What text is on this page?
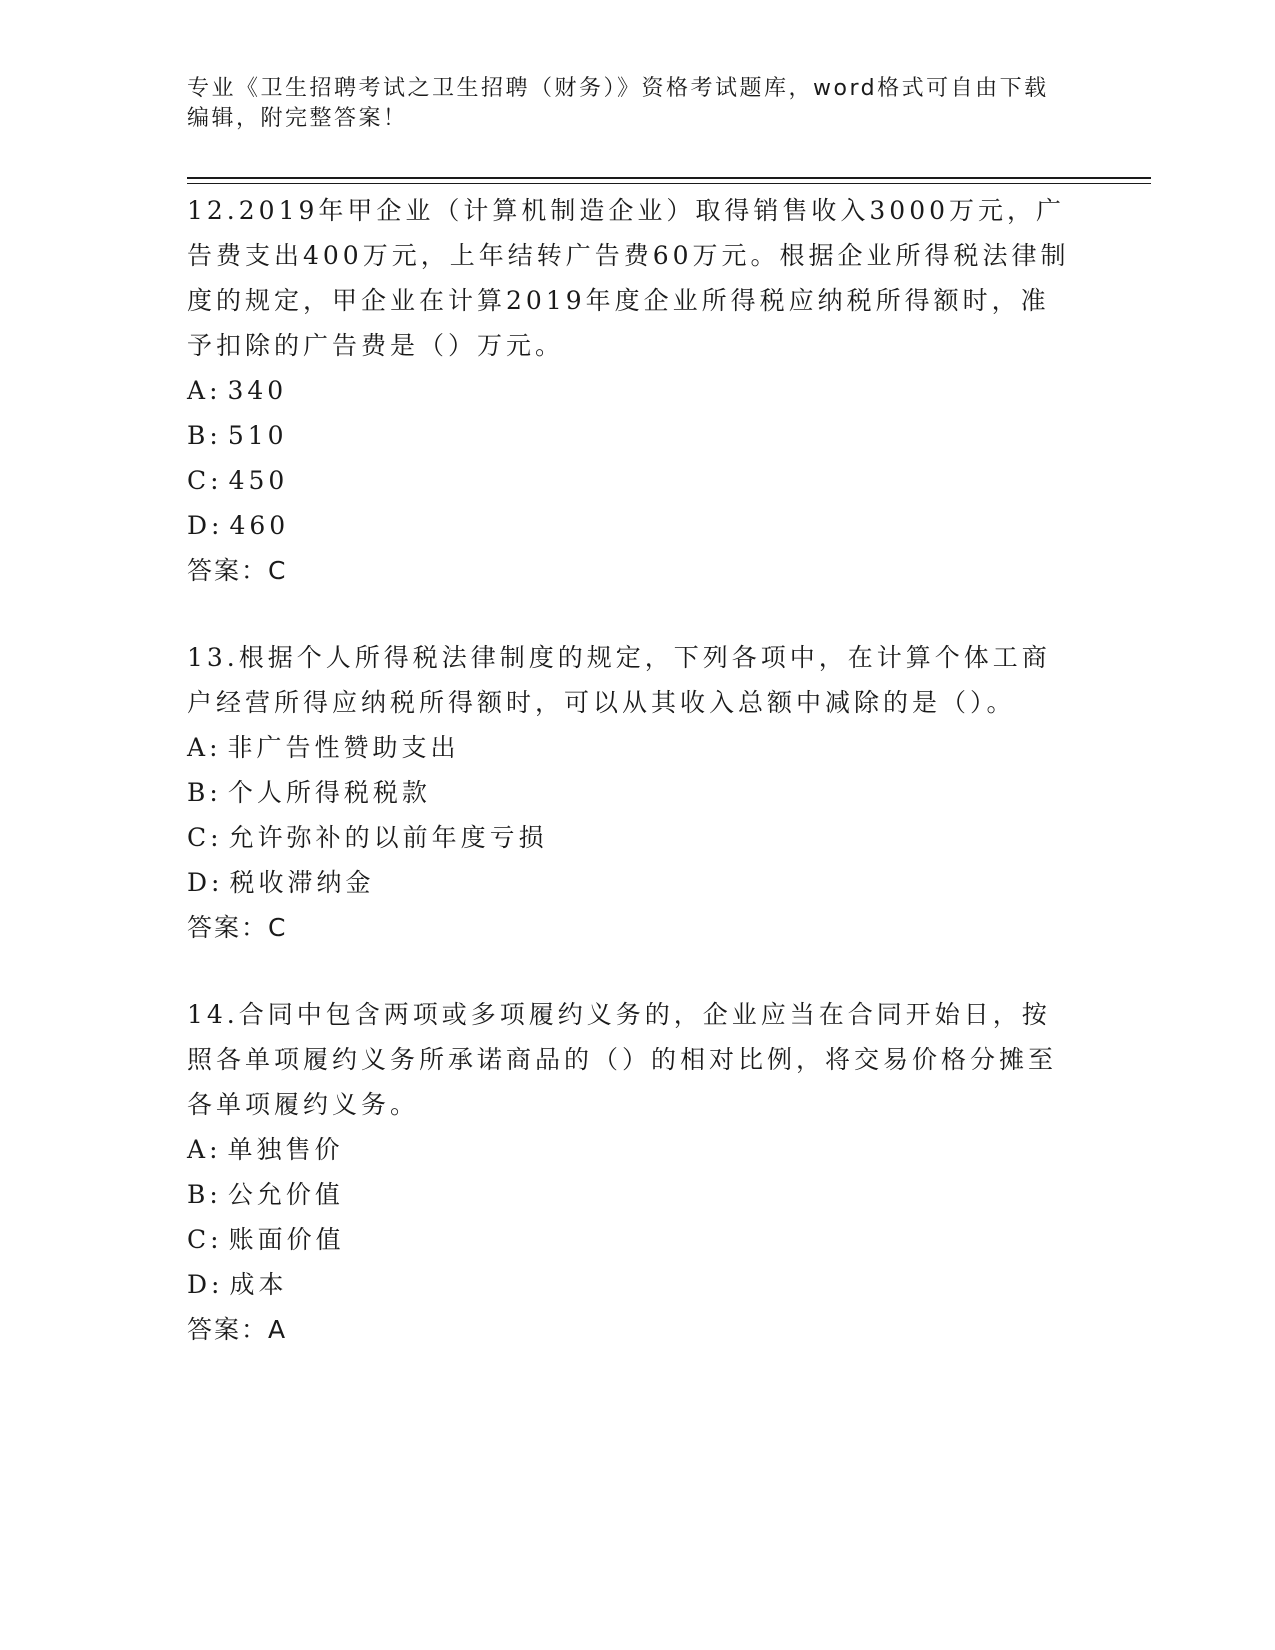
专业《卫生招聘考试之卫生招聘（财务）》资格考试题库，word格式可自由下载编辑，附完整答案！
12.2019年甲企业（计算机制造企业）取得销售收入3000万元，广告费支出400万元，上年结转广告费60万元。根据企业所得税法律制度的规定，甲企业在计算2019年度企业所得税应纳税所得额时，准予扣除的广告费是（）万元。
A: 340
B: 510
C: 450
D: 460
答案：C
13.根据个人所得税法律制度的规定，下列各项中，在计算个体工商户经营所得应纳税所得额时，可以从其收入总额中减除的是（）。
A: 非广告性赞助支出
B: 个人所得税税款
C: 允许弥补的以前年度亏损
D: 税收滞纳金
答案：C
14.合同中包含两项或多项履约义务的，企业应当在合同开始日，按照各单项履约义务所承诺商品的（）的相对比例，将交易价格分摊至各单项履约义务。
A: 单独售价
B: 公允价值
C: 账面价值
D: 成本
答案：A
